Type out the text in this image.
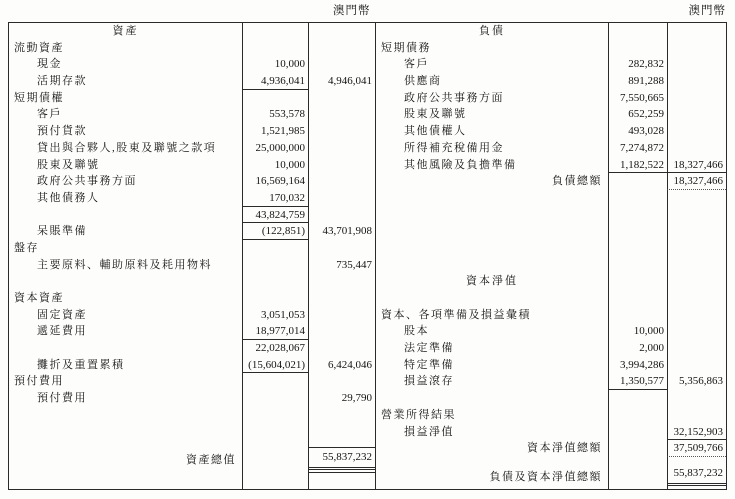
澳門幣	澳門幣
資產
流動資產
現金	10,000
活期存款	4,936,041	4,946,041
短期債權
客戶	553,578
預付貨款	1,521,985
貸出與合夥人,股東及聯號之款項	25,000,000
股東及聯號	10,000
政府公共事務方面	16,569,164
其他債務人	170,032
43,824,759
呆賬準備	(122,851)	43,701,908
盤存
主要原料、輔助原料及耗用物料	735,447
資本資產
固定資產	3,051,053
遞延費用	18,977,014
22,028,067
攤折及重置累積	(15,604,021)	6,424,046
預付費用
預付費用	29,790
資產總值	55,837,232
負債
短期債務
客戶	282,832
供應商	891,288
政府公共事務方面	7,550,665
股東及聯號	652,259
其他債權人	493,028
所得補充稅備用金	7,274,872
其他風險及負擔準備	1,182,522 18,327,466
負債總額	18,327,466
資本淨值
資本、各項準備及損益彙積
股本	10,000
法定準備	2,000
特定準備	3,994,286
損益滾存	1,350,577	5,356,863
營業所得結果
損益淨值	32,152,903
資本淨值總額	37,509,766
負債及資本淨值總額	55,837,232
